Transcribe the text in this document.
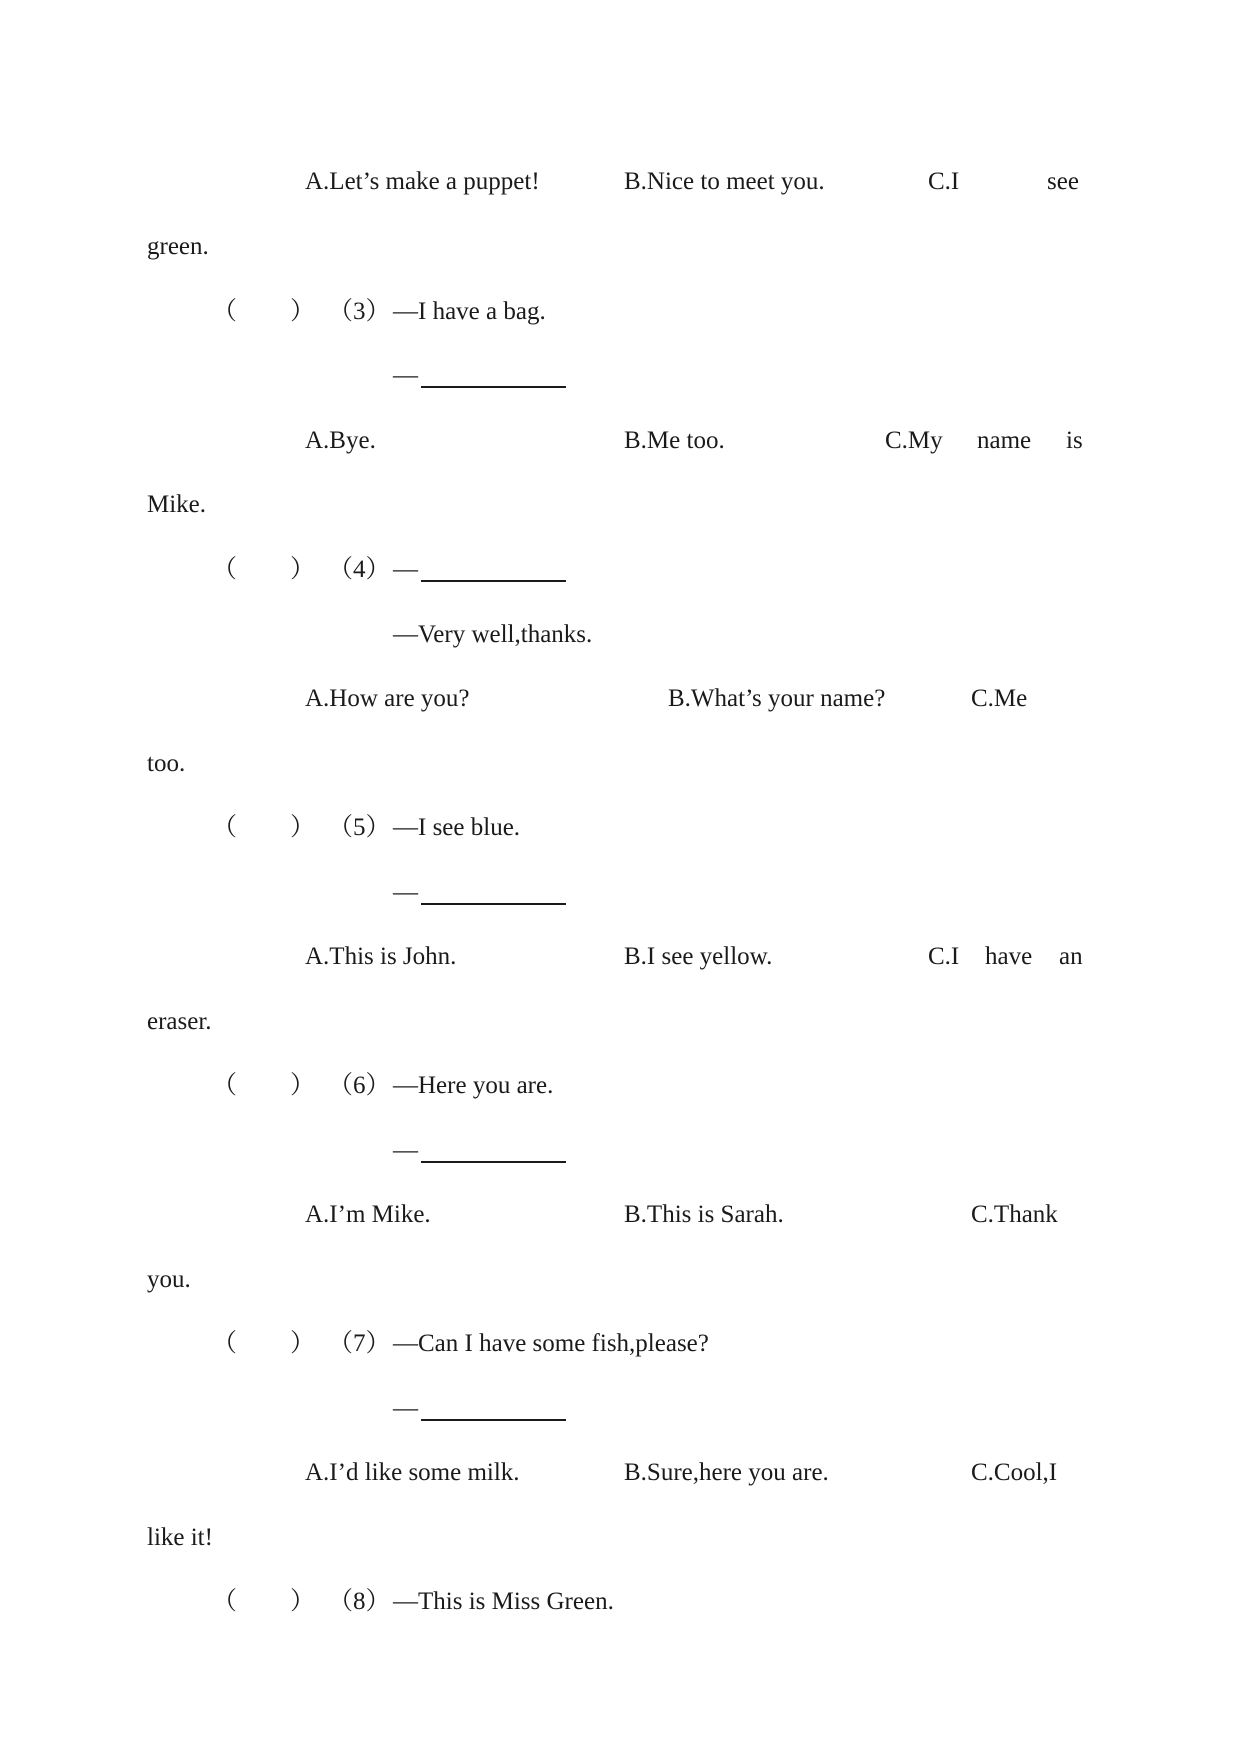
A.Let’s make a puppet!	B.Nice to meet you.	C.I	see
green.
（ ） （3） —I have a bag.
—
A.Bye.	B.Me too.	C.My name is
Mike.
（ ） （4） —
—Very well,thanks.
A.How are you?	B.What’s your name?	C.Me
too.
（ ） （5） —I see blue.
—
A.This is John.	B.I see yellow.	C.I have an
eraser.
（ ） （6） —Here you are.
—
A.I’m Mike.	B.This is Sarah.	C.Thank
you.
（ ） （7） —Can I have some fish,please?
—
A.I’d like some milk.	B.Sure,here you are.	C.Cool,I
like it!
（ ） （8） —This is Miss Green.
